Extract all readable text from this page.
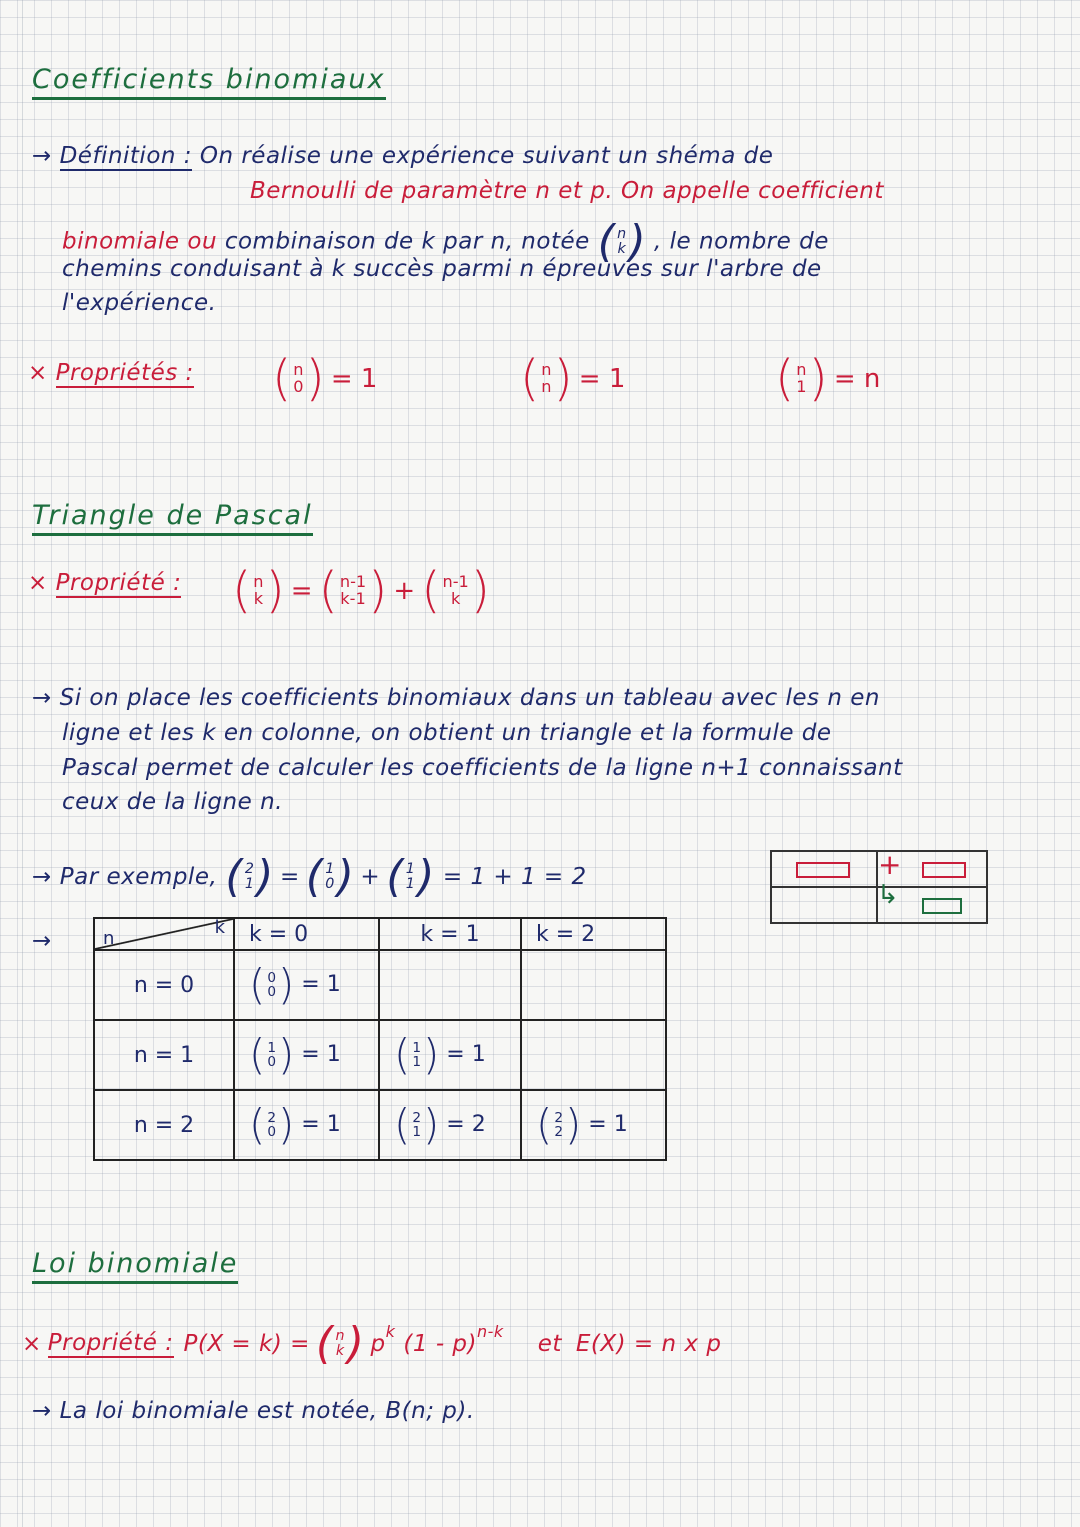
Coefficients binomiaux
→ Définition : On réalise une expérience suivant un shéma de
Bernoulli de paramètre n et p. On appelle coefficient
binomiale ou combinaison de k par n, notée ( n
k ) , le nombre de
chemins conduisant à k succès parmi n épreuves sur l'arbre de
l'expérience.
× Propriétés : ( n
0 ) = 1	( n
n ) = 1	( n
1 ) = n
Triangle de Pascal
× Propriété : ( n
k ) = ( n-1
k-1 ) + ( n-1
k )
→ Si on place les coefficients binomiaux dans un tableau avec les n en
ligne et les k en colonne, on obtient un triangle et la formule de
Pascal permet de calculer les coefficients de la ligne n+1 connaissant
ceux de la ligne n.
→ Par exemple, ( 2
1 ) = ( 1
0 ) + ( 1
1 ) = 1 + 1 = 2	+
↳
→	n
k	k = 0	k = 1	k = 2
n = 0	( 0
0 ) = 1		
n = 1	( 1
0 ) = 1	( 1
1 ) = 1	
n = 2	( 2
0 ) = 1	( 2
1 ) = 2	( 2
2 ) = 1
Loi binomiale
× Propriété : P(X = k) = ( n
k ) $p^k$ (1 - p)$^{n-k}$ et E(X) = n x p
→ La loi binomiale est notée, B(n; p).
